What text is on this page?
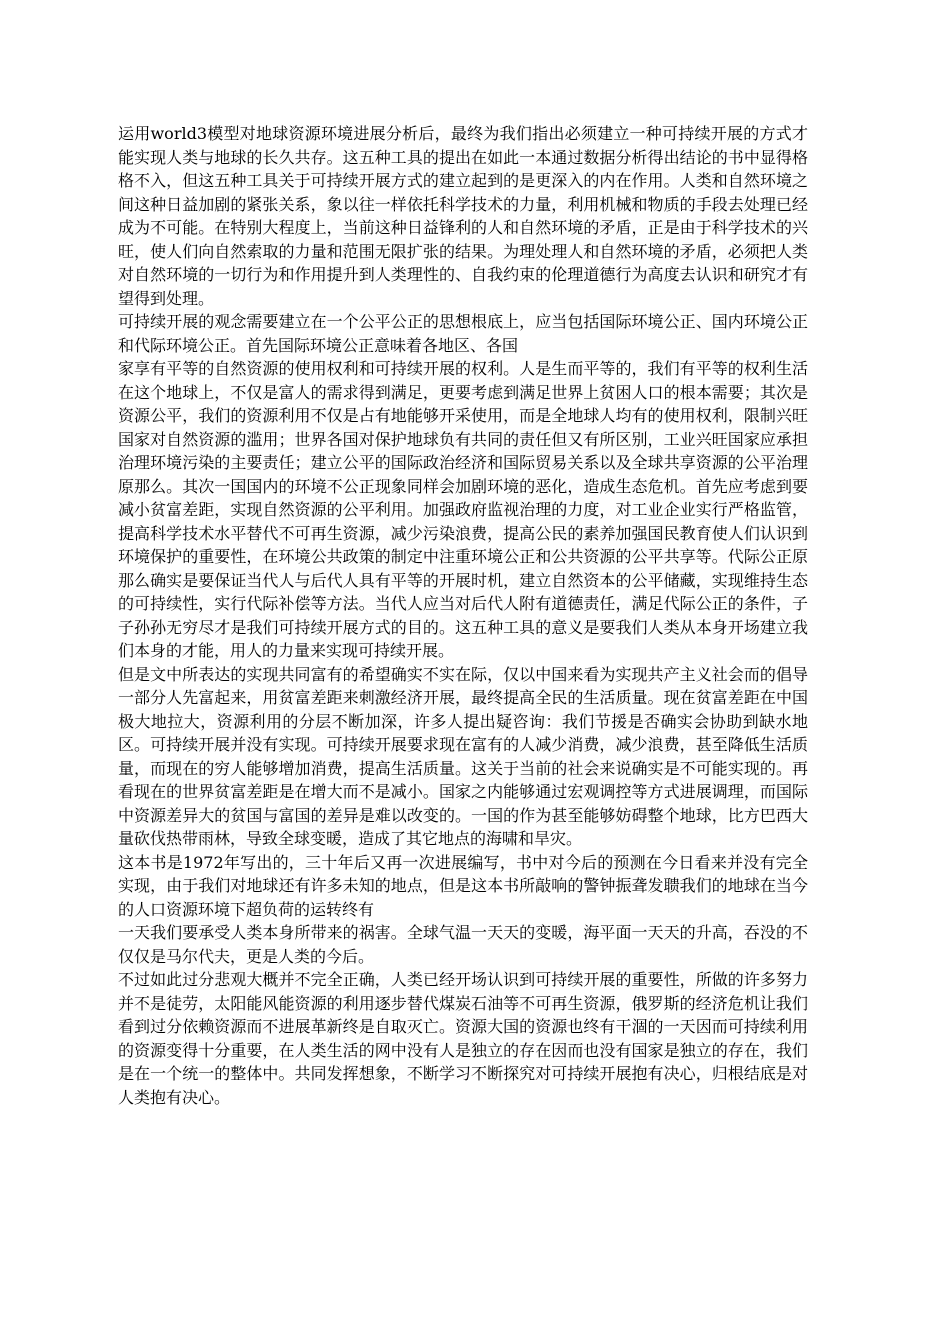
运用world3模型对地球资源环境进展分析后，最终为我们指出必须建立一种可持续开展的方式才能实现人类与地球的长久共存。这五种工具的提出在如此一本通过数据分析得出结论的书中显得格格不入，但这五种工具关于可持续开展方式的建立起到的是更深入的内在作用。人类和自然环境之间这种日益加剧的紧张关系，象以往一样依托科学技术的力量，利用机械和物质的手段去处理已经成为不可能。在特别大程度上，当前这种日益锋利的人和自然环境的矛盾，正是由于科学技术的兴旺，使人们向自然索取的力量和范围无限扩张的结果。为理处理人和自然环境的矛盾，必须把人类对自然环境的一切行为和作用提升到人类理性的、自我约束的伦理道德行为高度去认识和研究才有望得到处理。

可持续开展的观念需要建立在一个公平公正的思想根底上，应当包括国际环境公正、国内环境公正和代际环境公正。首先国际环境公正意味着各地区、各国

家享有平等的自然资源的使用权利和可持续开展的权利。人是生而平等的，我们有平等的权利生活在这个地球上，不仅是富人的需求得到满足，更要考虑到满足世界上贫困人口的根本需要；其次是资源公平，我们的资源利用不仅是占有地能够开采使用，而是全地球人均有的使用权利，限制兴旺国家对自然资源的滥用；世界各国对保护地球负有共同的责任但又有所区别，工业兴旺国家应承担治理环境污染的主要责任；建立公平的国际政治经济和国际贸易关系以及全球共享资源的公平治理原那么。其次一国国内的环境不公正现象同样会加剧环境的恶化，造成生态危机。首先应考虑到要减小贫富差距，实现自然资源的公平利用。加强政府监视治理的力度，对工业企业实行严格监管，提高科学技术水平替代不可再生资源，减少污染浪费，提高公民的素养加强国民教育使人们认识到环境保护的重要性，在环境公共政策的制定中注重环境公正和公共资源的公平共享等。代际公正原那么确实是要保证当代人与后代人具有平等的开展时机，建立自然资本的公平储藏，实现维持生态的可持续性，实行代际补偿等方法。当代人应当对后代人附有道德责任，满足代际公正的条件，子子孙孙无穷尽才是我们可持续开展方式的目的。这五种工具的意义是要我们人类从本身开场建立我们本身的才能，用人的力量来实现可持续开展。

但是文中所表达的实现共同富有的希望确实不实在际，仅以中国来看为实现共产主义社会而的倡导一部分人先富起来，用贫富差距来刺激经济开展，最终提高全民的生活质量。现在贫富差距在中国极大地拉大，资源利用的分层不断加深，许多人提出疑咨询：我们节援是否确实会协助到缺水地区。可持续开展并没有实现。可持续开展要求现在富有的人减少消费，减少浪费，甚至降低生活质量，而现在的穷人能够增加消费，提高生活质量。这关于当前的社会来说确实是不可能实现的。再看现在的世界贫富差距是在增大而不是减小。国家之内能够通过宏观调控等方式进展调理，而国际中资源差异大的贫国与富国的差异是难以改变的。一国的作为甚至能够妨碍整个地球，比方巴西大量砍伐热带雨林，导致全球变暖，造成了其它地点的海啸和旱灾。

这本书是1972年写出的，三十年后又再一次进展编写，书中对今后的预测在今日看来并没有完全实现，由于我们对地球还有许多未知的地点，但是这本书所敲响的警钟振聋发聩我们的地球在当今的人口资源环境下超负荷的运转终有

一天我们要承受人类本身所带来的祸害。全球气温一天天的变暖，海平面一天天的升高，吞没的不仅仅是马尔代夫，更是人类的今后。

不过如此过分悲观大概并不完全正确，人类已经开场认识到可持续开展的重要性，所做的许多努力并不是徒劳，太阳能风能资源的利用逐步替代煤炭石油等不可再生资源，俄罗斯的经济危机让我们看到过分依赖资源而不进展革新终是自取灭亡。资源大国的资源也终有干涸的一天因而可持续利用的资源变得十分重要，在人类生活的网中没有人是独立的存在因而也没有国家是独立的存在，我们是在一个统一的整体中。共同发挥想象，不断学习不断探究对可持续开展抱有决心，归根结底是对人类抱有决心。
